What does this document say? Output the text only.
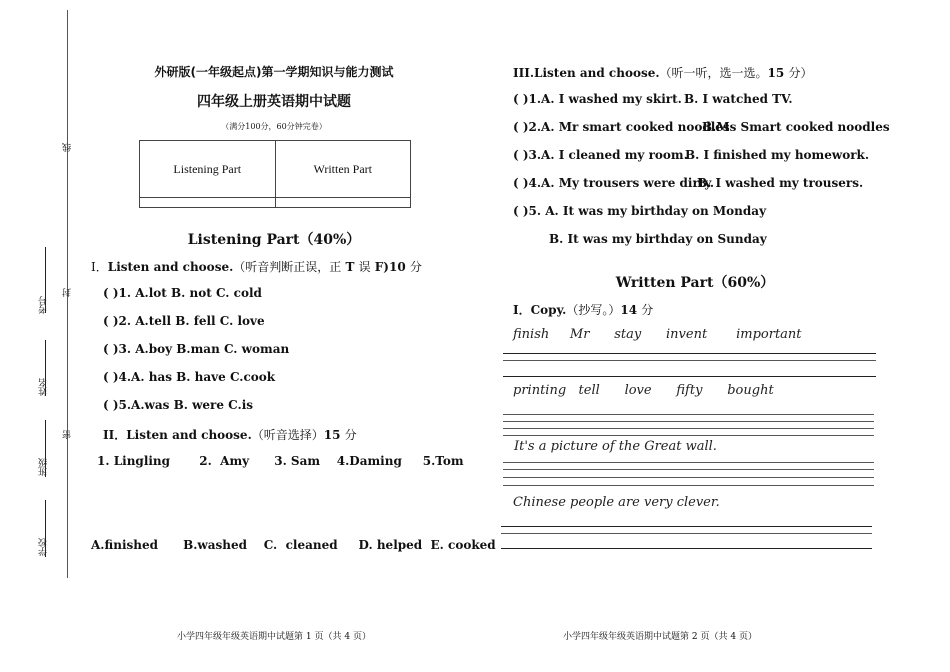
线
封
密
考号
姓名
班级
学校
外研版(一年级起点)第一学期知识与能力测试
四年级上册英语期中试题
（满分100分，60分钟完卷）
Listening Part	Written Part

Listening Part（40%）
I．Listen and choose.（听音判断正误，正 T 误 F)10 分
( )1. A.lot B. not C. cold
( )2. A.tell B. fell C. love
( )3. A.boy B.man C. woman
( )4.A. has B. have C.cook
( )5.A.was B. were C.is
II．Listen and choose.（听音选择）15 分
1. Lingling       2.  Amy      3. Sam    4.Daming     5.Tom
A.finished      B.washed    C.  cleaned     D. helped  E. cooked
小学四年级年级英语期中试题第 1 页（共 4 页）
III.Listen and choose.（听一听，选一选。15 分）
( )1.A. I washed my skirt. B. I watched TV.
( )2.A. Mr smart cooked noodles
B.Ms Smart cooked noodles
( )3.A. I cleaned my room.
B. I finished my homework.
( )4.A. My trousers were dirty.
B. I washed my trousers.
( )5. A. It was my birthday on Monday
B. It was my birthday on Sunday
Written Part（60%）
I．Copy.（抄写。）14 分
finish     Mr      stay      invent       important
printing   tell      love      fifty      bought
It's a picture of the Great wall.
Chinese people are very clever.
小学四年级年级英语期中试题第 2 页（共 4 页）
